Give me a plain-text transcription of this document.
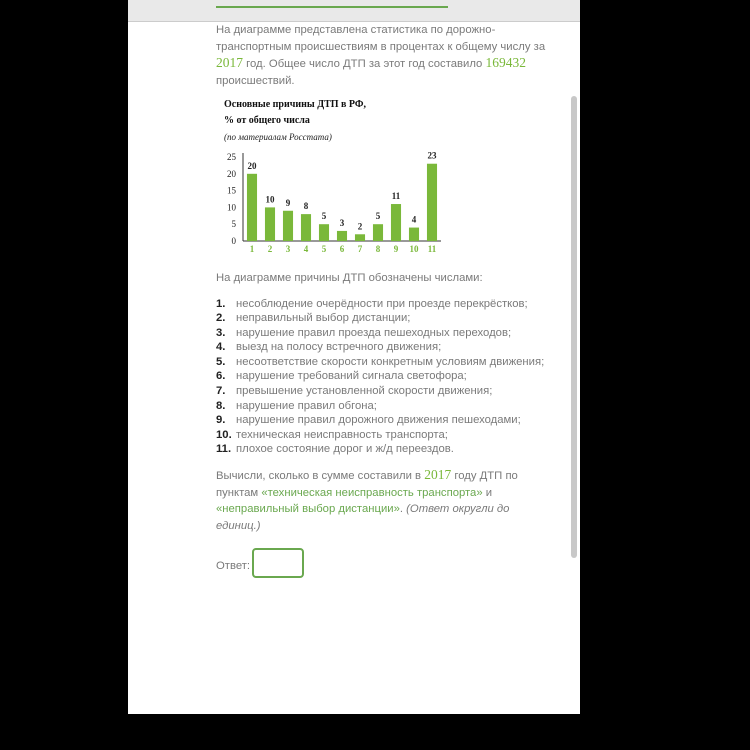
На диаграмме представлена статистика по дорожно-транспортным происшествиям в процентах к общему числу за 2017 год. Общее число ДТП за этот год составило 169432 происшествий.

Основные причины ДТП в РФ,
% от общего числа
(по материалам Росстата)
0
5
10
15
20
25
20
1
10
2
9
3
8
4
5
5
3
6
2
7
5
8
11
9
4
10
23
11

На диаграмме причины ДТП обозначены числами:

1. несоблюдение очерёдности при проезде перекрёстков;
2. неправильный выбор дистанции;
3. нарушение правил проезда пешеходных переходов;
4. выезд на полосу встречного движения;
5. несоответствие скорости конкретным условиям движения;
6. нарушение требований сигнала светофора;
7. превышение установленной скорости движения;
8. нарушение правил обгона;
9. нарушение правил дорожного движения пешеходами;
10. техническая неисправность транспорта;
11. плохое состояние дорог и ж/д переездов.

Вычисли, сколько в сумме составили в 2017 году ДТП по пунктам «техническая неисправность транспорта» и «неправильный выбор дистанции». (Ответ округли до единиц.)

Ответ:
